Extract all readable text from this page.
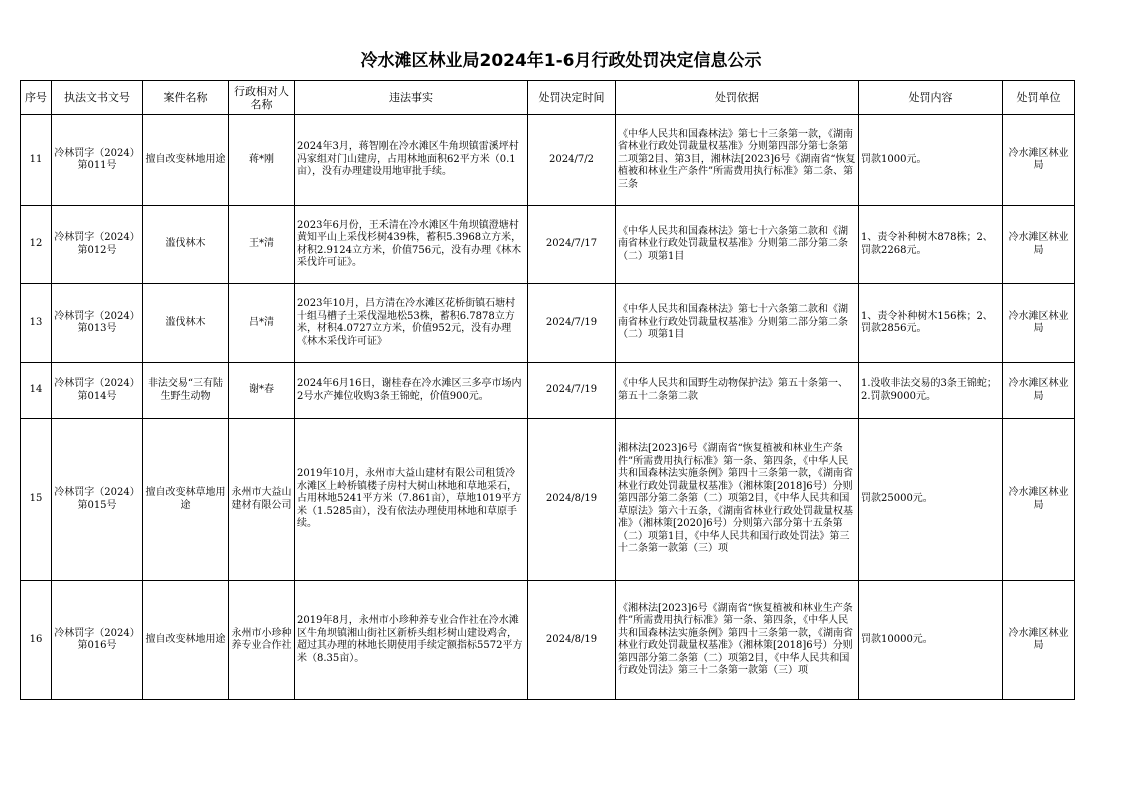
冷水滩区林业局2024年1-6月行政处罚决定信息公示
序号	执法文书文号	案件名称	行政相对人名称	违法事实	处罚决定时间	处罚依据	处罚内容	处罚单位
11	冷林罚字（2024）第011号	擅自改变林地用途	蒋*刚	2024年3月，蒋智刚在冷水滩区牛角坝镇雷溪坪村冯家组对门山建房，占用林地面积62平方米（0.1亩），没有办理建设用地审批手续。	2024/7/2	《中华人民共和国森林法》第七十三条第一款，《湖南省林业行政处罚裁量权基准》分则第四部分第七条第二项第2目、第3目，湘林法[2023]6号《湖南省“恢复植被和林业生产条件”所需费用执行标准》第二条、第三条	罚款1000元。	冷水滩区林业局
12	冷林罚字（2024）第012号	滥伐林木	王*清	2023年6月份，王禾清在冷水滩区牛角坝镇澄塘村黄知平山上采伐杉树439株，蓄积5.3968立方米，材积2.9124立方米，价值756元，没有办理《林木采伐许可证》。	2024/7/17	《中华人民共和国森林法》第七十六条第二款和《湖南省林业行政处罚裁量权基准》分则第二部分第二条（二）项第1目	1、责令补种树木878株；2、罚款2268元。	冷水滩区林业局
13	冷林罚字（2024）第013号	滥伐林木	吕*清	2023年10月，吕方清在冷水滩区花桥街镇石塘村十组马槽子土采伐湿地松53株，蓄积6.7878立方米，材积4.0727立方米，价值952元，没有办理《林木采伐许可证》	2024/7/19	《中华人民共和国森林法》第七十六条第二款和《湖南省林业行政处罚裁量权基准》分则第二部分第二条（二）项第1目	1、责令补种树木156株；2、罚款2856元。	冷水滩区林业局
14	冷林罚字（2024）第014号	非法交易“三有陆生野生动物	谢*春	2024年6月16日，谢桂春在冷水滩区三多亭市场内2号水产摊位收购3条王锦蛇，价值900元。	2024/7/19	《中华人民共和国野生动物保护法》第五十条第一、第五十二条第二款	1.没收非法交易的3条王锦蛇；2.罚款9000元。	冷水滩区林业局
15	冷林罚字（2024）第015号	擅自改变林草地用途	永州市大益山建材有限公司	2019年10月，永州市大益山建材有限公司租赁冷水滩区上岭桥镇楼子房村大树山林地和草地采石，占用林地5241平方米（7.861亩），草地1019平方米（1.5285亩），没有依法办理使用林地和草原手续。	2024/8/19	湘林法[2023]6号《湖南省“恢复植被和林业生产条件”所需费用执行标准》第一条、第四条，《中华人民共和国森林法实施条例》第四十三条第一款，《湖南省林业行政处罚裁量权基准》（湘林策[2018]6号）分则第四部分第二条第（二）项第2目，《中华人民共和国草原法》第六十五条，《湖南省林业行政处罚裁量权基准》（湘林策[2020]6号）分则第六部分第十五条第（二）项第1目，《中华人民共和国行政处罚法》第三十二条第一款第（三）项	罚款25000元。	冷水滩区林业局
16	冷林罚字（2024）第016号	擅自改变林地用途	永州市小珍种养专业合作社	2019年8月，永州市小珍种养专业合作社在冷水滩区牛角坝镇湘山街社区新桥头组杉树山建设鸡舍，超过其办理的林地长期使用手续定额指标5572平方米（8.35亩）。	2024/8/19	《湘林法[2023]6号《湖南省“恢复植被和林业生产条件”所需费用执行标准》第一条、第四条，《中华人民共和国森林法实施条例》第四十三条第一款，《湖南省林业行政处罚裁量权基准》（湘林策[2018]6号）分则第四部分第二条第（二）项第2目，《中华人民共和国行政处罚法》第三十二条第一款第（三）项	罚款10000元。	冷水滩区林业局
